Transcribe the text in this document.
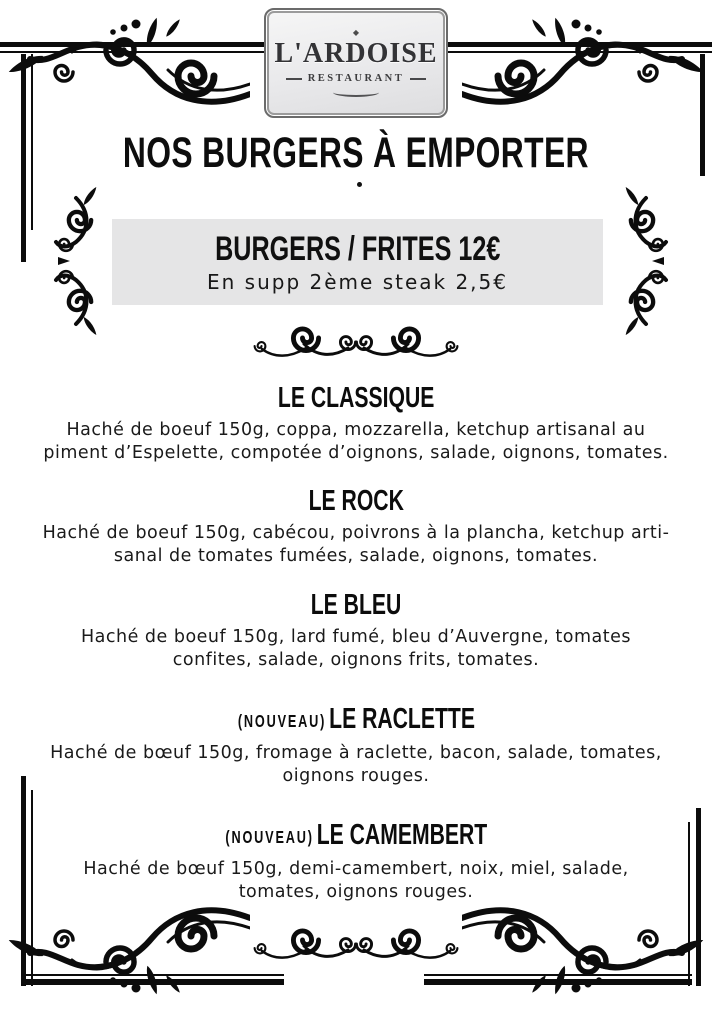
◆
L'ARDOISE
RESTAURANT
NOS BURGERS À EMPORTER
BURGERS / FRITES 12€

En supp 2ème steak 2,5€

LE CLASSIQUE

Haché de boeuf 150g, coppa, mozzarella, ketchup artisanal au
piment d’Espelette, compotée d’oignons, salade, oignons, tomates.

LE ROCK

Haché de boeuf 150g, cabécou, poivrons à la plancha, ketchup arti-
sanal de tomates fumées, salade, oignons, tomates.

LE BLEU

Haché de boeuf 150g, lard fumé, bleu d’Auvergne, tomates
confites, salade, oignons frits, tomates.

(NOUVEAU) LE RACLETTE

Haché de bœuf 150g, fromage à raclette, bacon, salade, tomates,
oignons rouges.

(NOUVEAU) LE CAMEMBERT

Haché de bœuf 150g, demi-camembert, noix, miel, salade,
tomates, oignons rouges.
